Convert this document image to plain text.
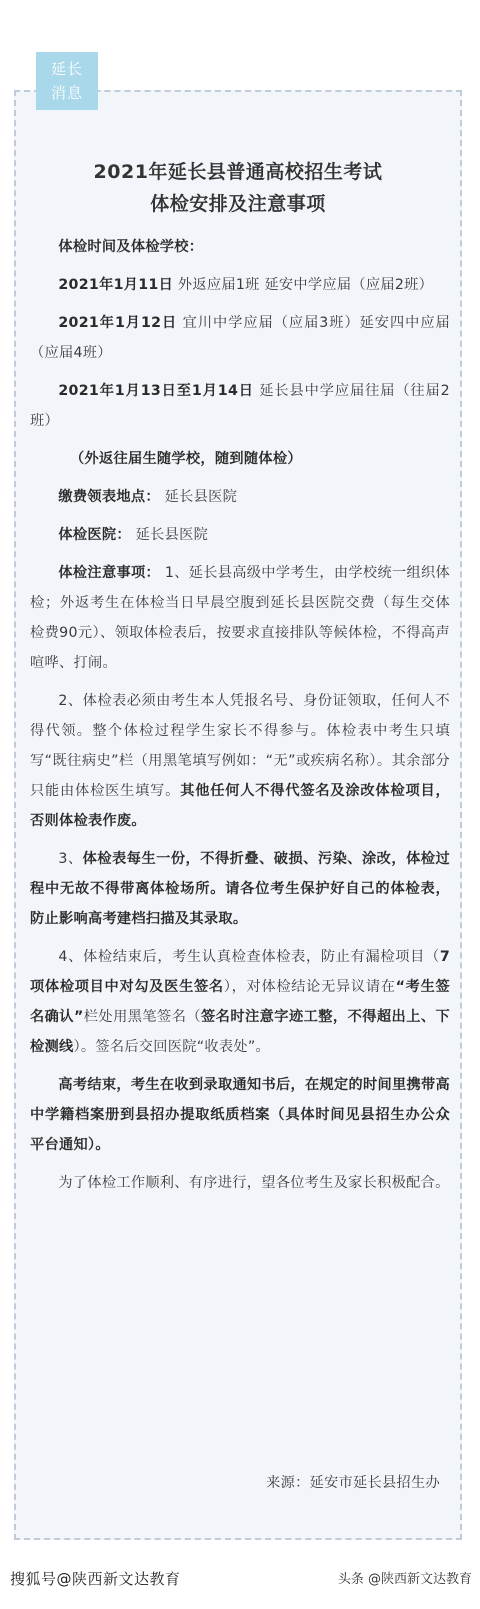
延长
消息
2021年延长县普通高校招生考试
体检安排及注意事项

体检时间及体检学校：

2021年1月11日 外返应届1班 延安中学应届（应届2班）

2021年1月12日 宜川中学应届（应届3班）延安四中应届（应届4班）

2021年1月13日至1月14日 延长县中学应届往届（往届2班）

（外返往届生随学校，随到随体检）

缴费领表地点： 延长县医院

体检医院： 延长县医院

体检注意事项： 1、延长县高级中学考生，由学校统一组织体检；外返考生在体检当日早晨空腹到延长县医院交费（每生交体检费90元）、领取体检表后，按要求直接排队等候体检，不得高声喧哗、打闹。

2、体检表必须由考生本人凭报名号、身份证领取，任何人不得代领。整个体检过程学生家长不得参与。体检表中考生只填写“既往病史”栏（用黑笔填写例如：“无”或疾病名称）。其余部分只能由体检医生填写。其他任何人不得代签名及涂改体检项目，否则体检表作废。

3、体检表每生一份，不得折叠、破损、污染、涂改，体检过程中无故不得带离体检场所。请各位考生保护好自己的体检表，防止影响高考建档扫描及其录取。

4、体检结束后，考生认真检查体检表，防止有漏检项目（7项体检项目中对勾及医生签名），对体检结论无异议请在“考生签名确认”栏处用黑笔签名（签名时注意字迹工整，不得超出上、下检测线）。签名后交回医院“收表处”。

高考结束，考生在收到录取通知书后，在规定的时间里携带高中学籍档案册到县招办提取纸质档案（具体时间见县招生办公众平台通知）。

为了体检工作顺利、有序进行，望各位考生及家长积极配合。

来源：延安市延长县招生办
搜狐号@陕西新文达教育	头条 @陕西新文达教育
